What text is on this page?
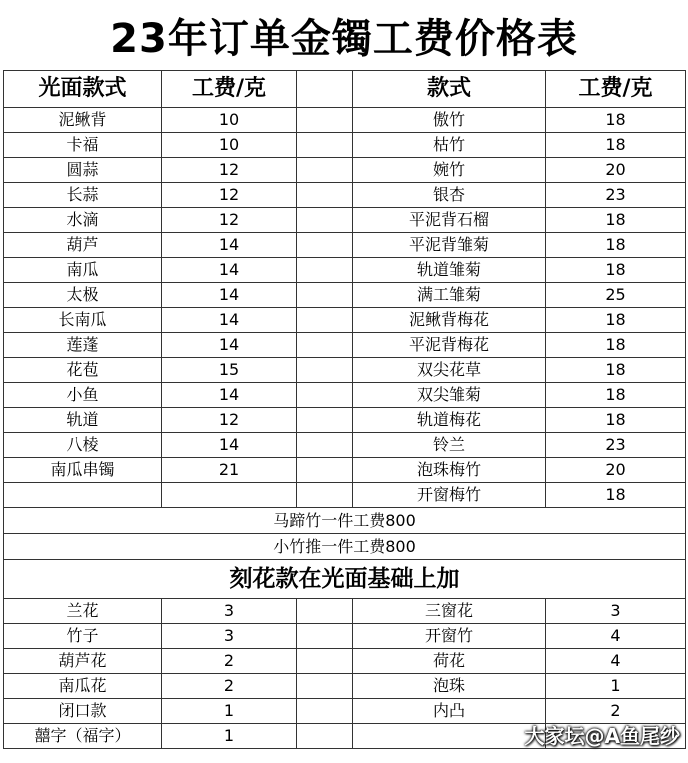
23年订单金镯工费价格表
光面款式	工费/克		款式	工费/克
泥鳅背	10		傲竹	18
卡福	10		枯竹	18
圆蒜	12		婉竹	20
长蒜	12		银杏	23
水滴	12		平泥背石榴	18
葫芦	14		平泥背雏菊	18
南瓜	14		轨道雏菊	18
太极	14		满工雏菊	25
长南瓜	14		泥鳅背梅花	18
莲蓬	14		平泥背梅花	18
花苞	15		双尖花草	18
小鱼	14		双尖雏菊	18
轨道	12		轨道梅花	18
八棱	14		铃兰	23
南瓜串镯	21		泡珠梅竹	20
			开窗梅竹	18
马蹄竹一件工费800				
小竹推一件工费800				
刻花款在光面基础上加				
兰花	3		三窗花	3
竹子	3		开窗竹	4
葫芦花	2		荷花	4
南瓜花	2		泡珠	1
闭口款	1		内凸	2
囍字（福字）	1				大家坛@A鱼尾纱
